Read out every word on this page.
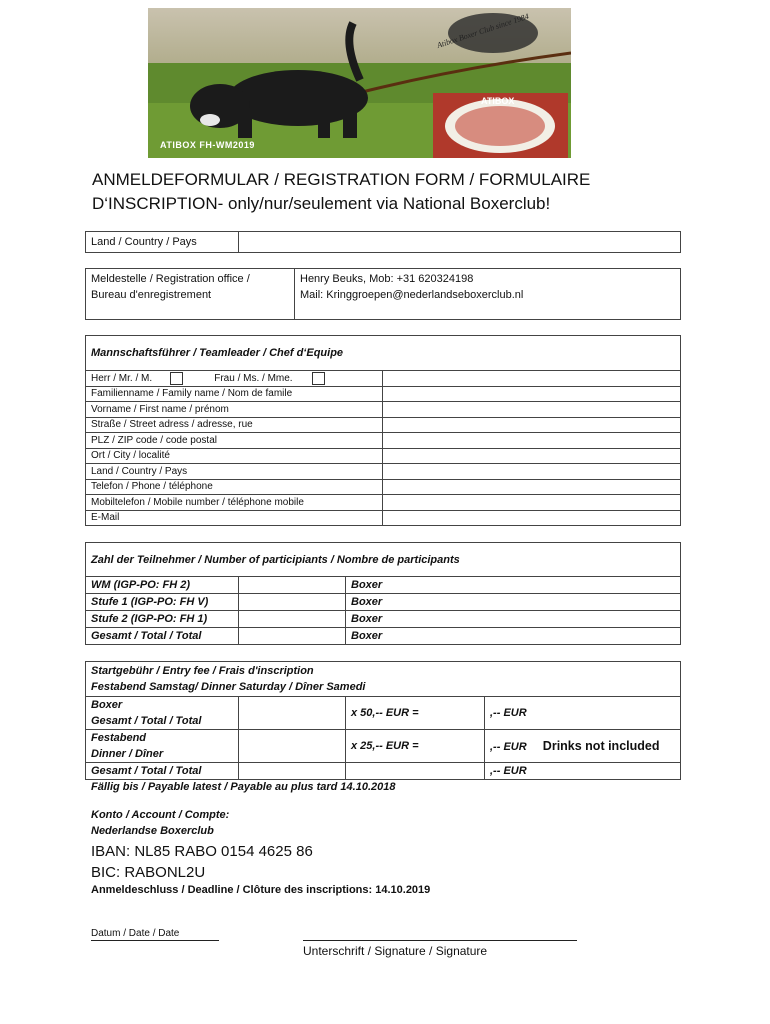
ATIBOX
Atibox Boxer Club since 1984
ATIBOX FH-WM2019
ANMELDEFORMULAR / REGISTRATION FORM / FORMULAIRE
D‘INSCRIPTION- only/nur/seulement via National Boxerclub!
Land / Country / Pays	
Meldestelle / Registration office /
Bureau d'enregistrement

Henry Beuks, Mob: +31 620324198
Mail: Kringgroepen@nederlandseboxerclub.nl
Mannschaftsführer / Teamleader / Chef d‘Equipe	
Herr / Mr. / M. Frau / Ms. / Mme.	
Familienname / Family name / Nom de famile	
Vorname / First name / prénom	
Straße / Street adress / adresse, rue	
PLZ / ZIP code / code postal	
Ort / City / localité	
Land / Country / Pays	
Telefon / Phone / téléphone	
Mobiltelefon / Mobile number / téléphone mobile	
E-Mail	
Zahl der Teilnehmer / Number of participiants / Nombre de participants		
WM (IGP-PO: FH 2)		Boxer
Stufe 1 (IGP-PO: FH V)		Boxer
Stufe 2 (IGP-PO: FH 1)		Boxer
Gesamt / Total / Total		Boxer
Startgebühr / Entry fee / Frais d'inscription
Festabend Samstag/ Dinner Saturday / Dîner Samedi			

Boxer
Gesamt / Total / Total		x 50,-- EUR =	,-- EUR

Festabend
Dinner / Dîner		x 25,-- EUR =	,-- EUR Drinks not included
Gesamt / Total / Total			,-- EUR
Fällig bis / Payable latest / Payable au plus tard 14.10.2018
Konto / Account / Compte:
Nederlandse Boxerclub
IBAN: NL85 RABO 0154 4625 86
BIC: RABONL2U
Anmeldeschluss / Deadline / Clôture des inscriptions: 14.10.2019
Datum / Date / Date
Unterschrift / Signature / Signature
